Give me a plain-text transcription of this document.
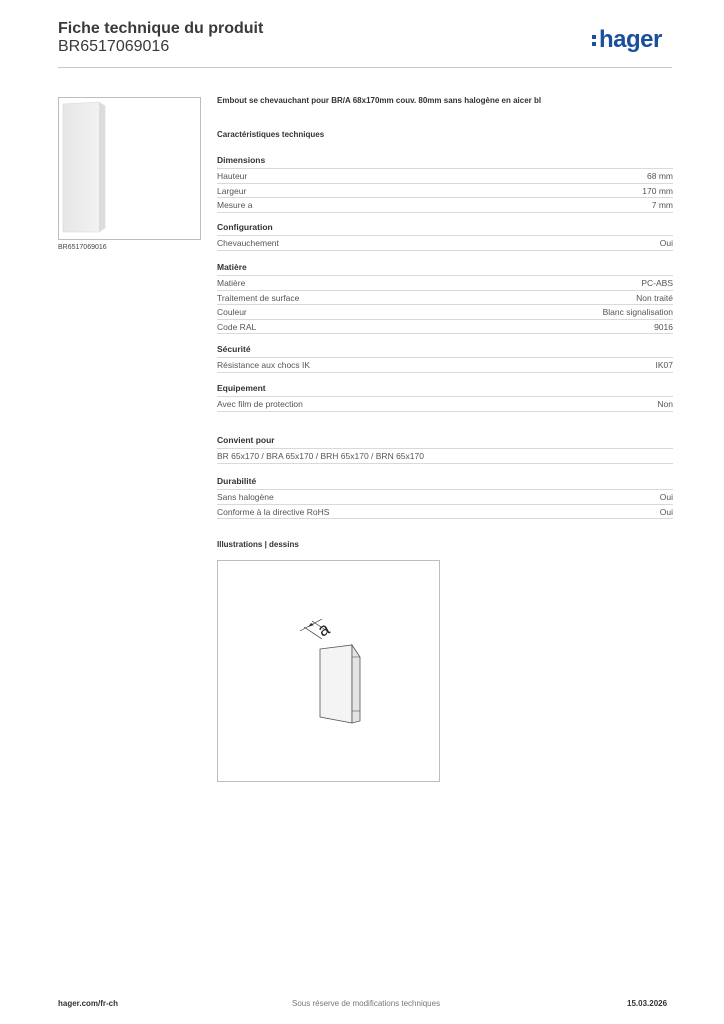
Fiche technique du produit
BR6517069016	hager
BR6517069016
Embout se chevauchant pour BR/A 68x170mm couv. 80mm sans halogène en aicer bl
Caractéristiques techniques
Dimensions
Hauteur	68 mm
Largeur	170 mm
Mesure a	7 mm
Configuration
Chevauchement	Oui
Matière
Matière	PC-ABS
Traitement de surface	Non traité
Couleur	Blanc signalisation
Code RAL	9016
Sécurité
Résistance aux chocs IK	IK07
Equipement
Avec film de protection	Non
Convient pour
BR 65x170 / BRA 65x170 / BRH 65x170 / BRN 65x170
Durabilité
Sans halogène	Oui
Conforme à la directive RoHS	Oui
Illustrations | dessins
a
hager.com/fr-ch	Sous réserve de modifications techniques	15.03.2026
